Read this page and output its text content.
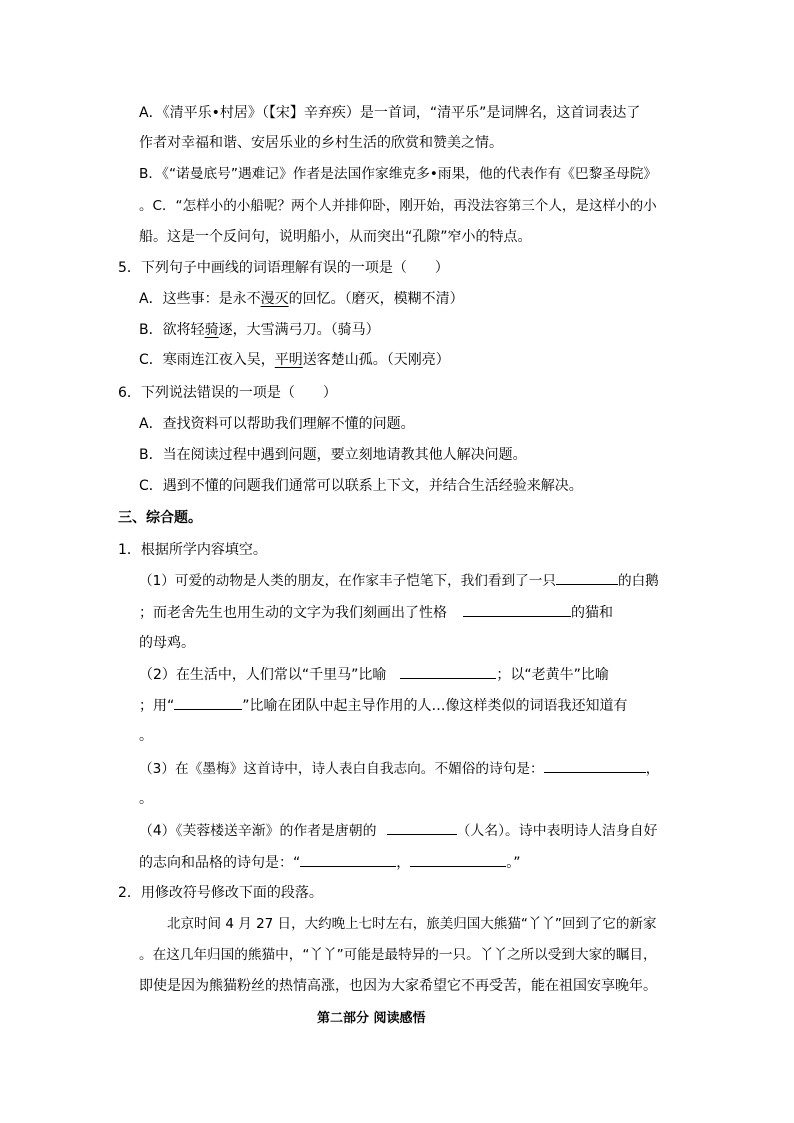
A．《清平乐•村居》（【宋】辛弃疾）是一首词，“清平乐”是词牌名，这首词表达了
作者对幸福和谐、安居乐业的乡村生活的欣赏和赞美之情。
B．《“诺曼底号”遇难记》作者是法国作家维克多•雨果，他的代表作有《巴黎圣母院》
。C．“怎样小的小船呢？两个人并排仰卧，刚开始，再没法容第三个人，是这样小的小
船。这是一个反问句，说明船小，从而突出“孔隙”窄小的特点。
5．下列句子中画线的词语理解有误的一项是（　　）
A．这些事：是永不漫灭的回忆。（磨灭，模糊不清）
B．欲将轻骑逐，大雪满弓刀。（骑马）
C．寒雨连江夜入吴，平明送客楚山孤。（天刚亮）
6．下列说法错误的一项是（　　）
A．查找资料可以帮助我们理解不懂的问题。
B．当在阅读过程中遇到问题，要立刻地请教其他人解决问题。
C．遇到不懂的问题我们通常可以联系上下文，并结合生活经验来解决。
三、综合题。
1．根据所学内容填空。
（1）可爱的动物是人类的朋友，在作家丰子恺笔下，我们看到了一只	的白鹅
；而老舍先生也用生动的文字为我们刻画出了性格	的猫和
的母鸡。
（2）在生活中，人们常以“千里马”比喻	；以“老黄牛”比喻
；用“	”比喻在团队中起主导作用的人…像这样类似的词语我还知道有
。
（3）在《墨梅》这首诗中，诗人表白自我志向。不媚俗的诗句是：	，
。
（4）《芙蓉楼送辛渐》的作者是唐朝的	（人名）。诗中表明诗人洁身自好
的志向和品格的诗句是：“	，	。”
2．用修改符号修改下面的段落。
北京时间 4 月 27 日，大约晚上七时左右，旅美归国大熊猫“丫丫”回到了它的新家
。在这几年归国的熊猫中，“丫丫”可能是最特异的一只。丫丫之所以受到大家的瞩目，
即使是因为熊猫粉丝的热情高涨，也因为大家希望它不再受苦，能在祖国安享晚年。
第二部分 阅读感悟
